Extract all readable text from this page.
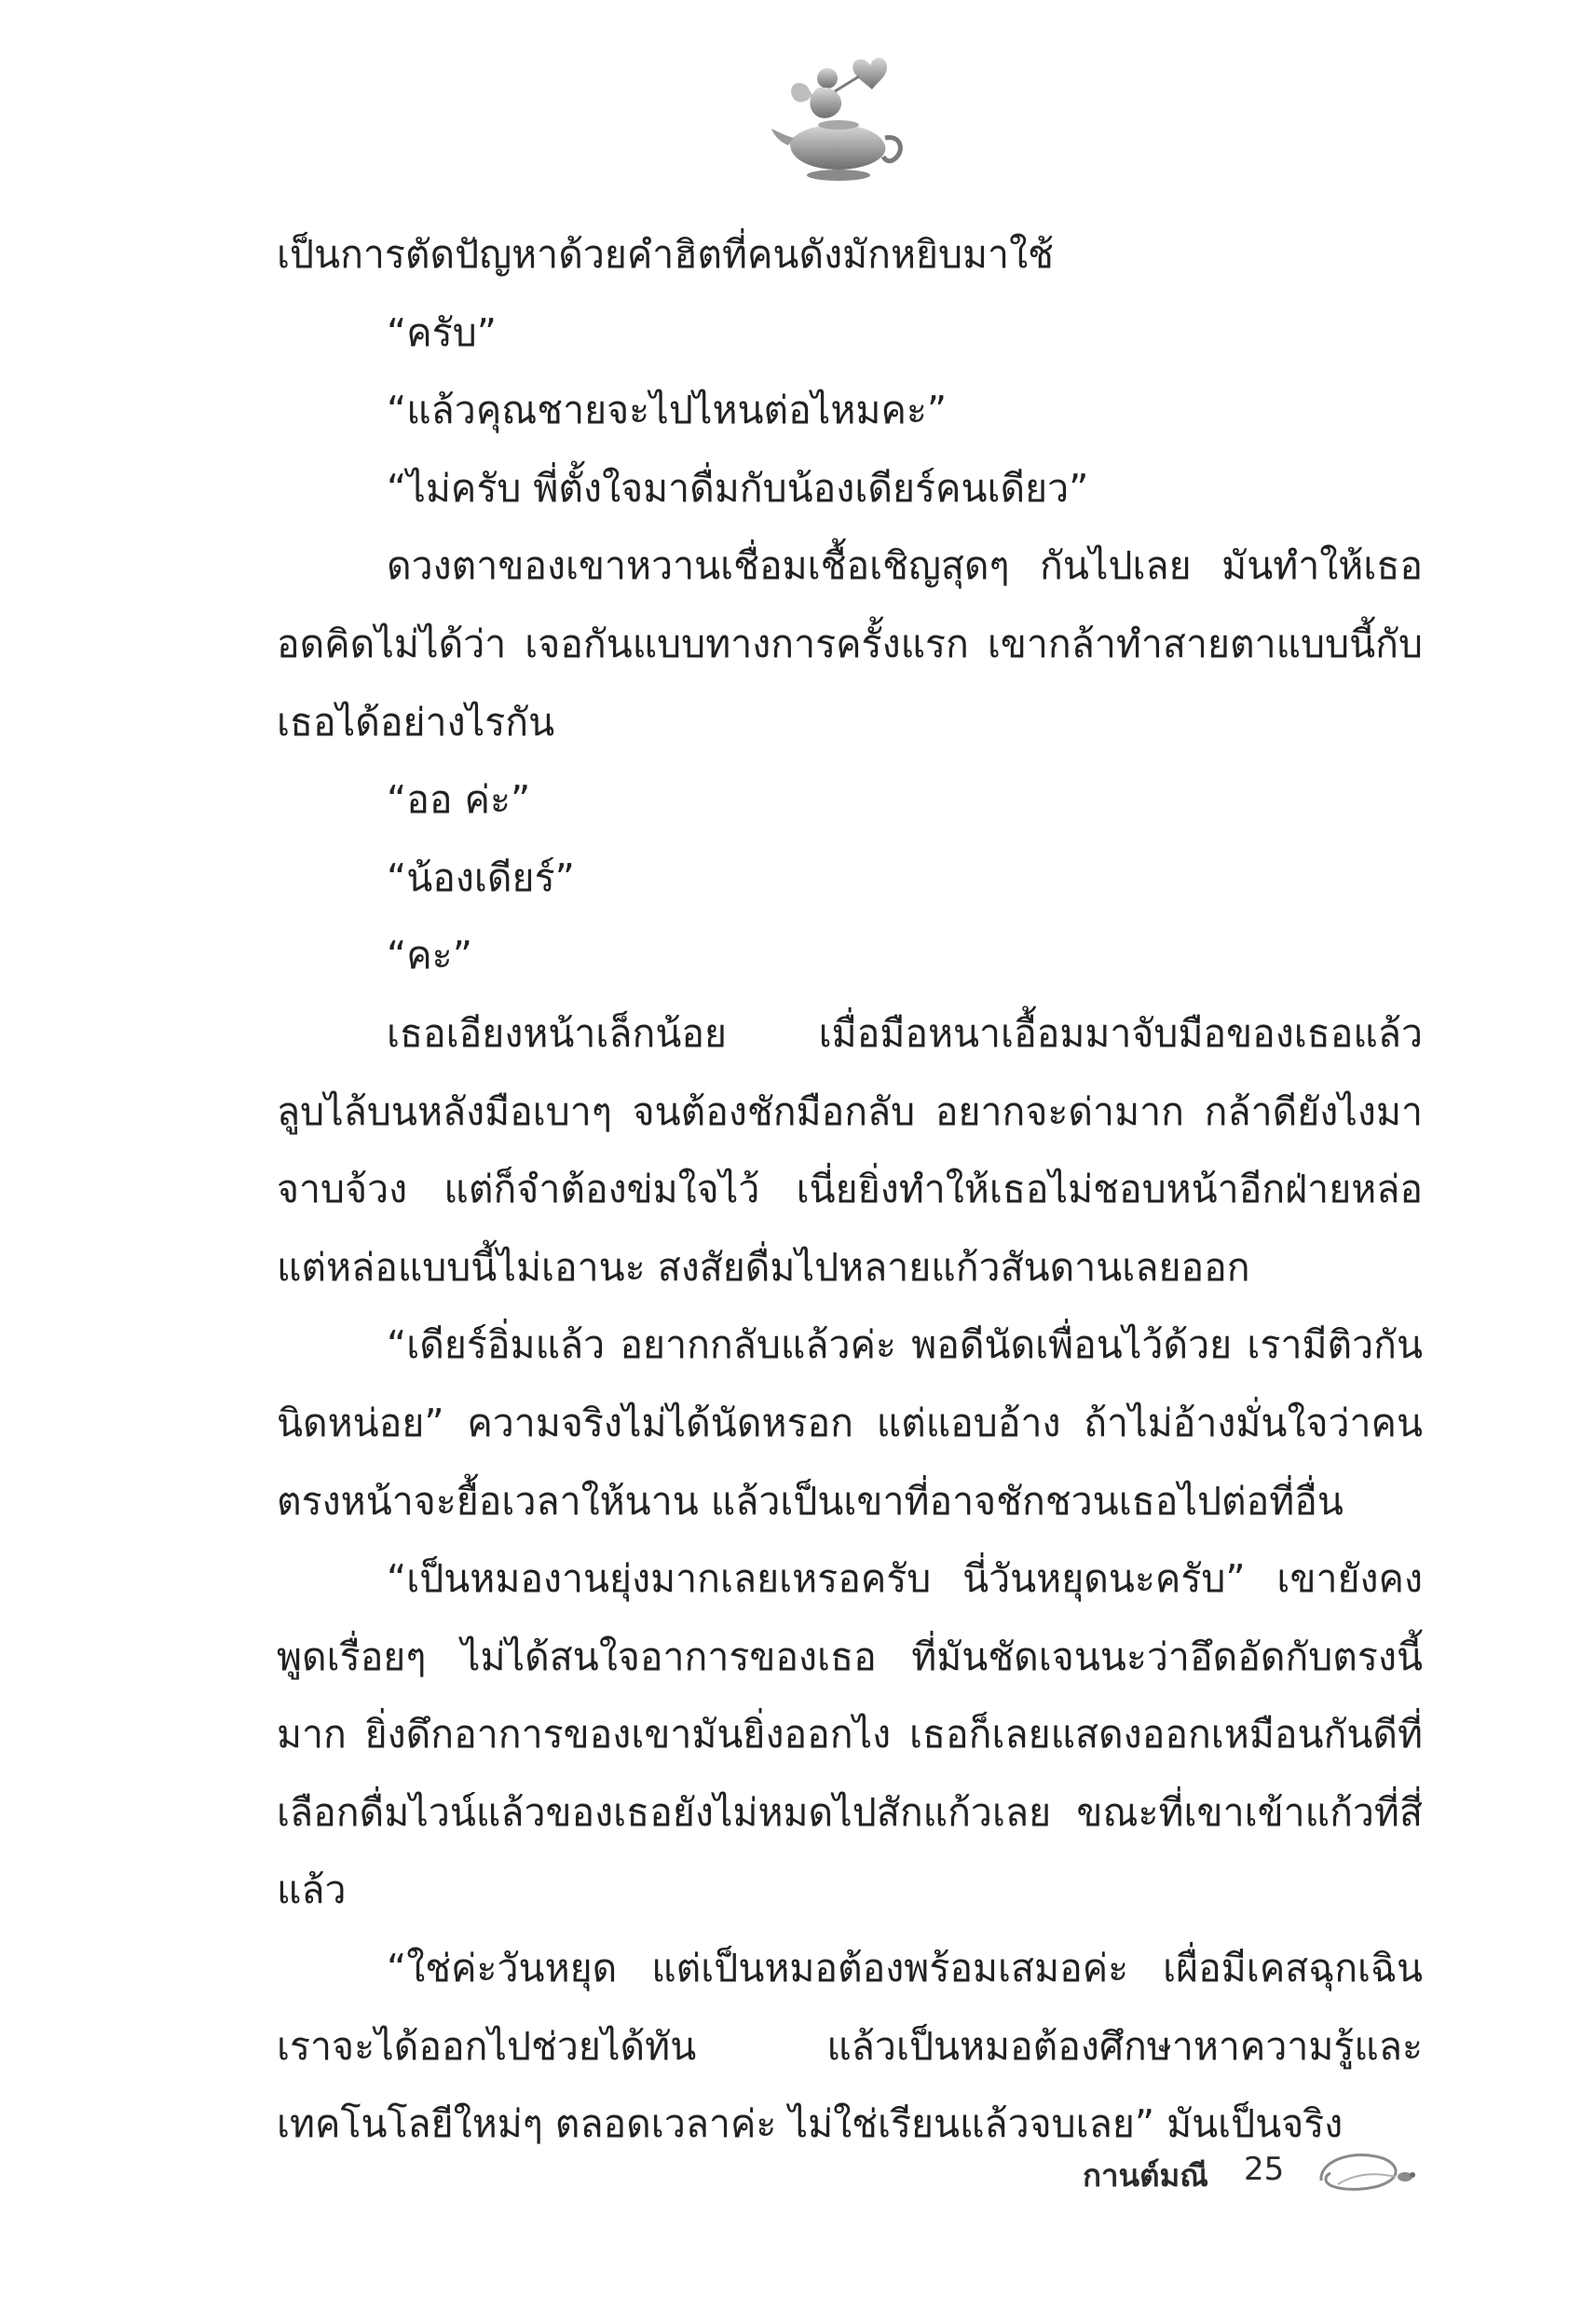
เป็นการตัดปัญหาด้วยคำฮิตที่คนดังมักหยิบมาใช้

“ครับ”

“แล้วคุณชายจะไปไหนต่อไหมคะ”

“ไม่ครับ พี่ตั้งใจมาดื่มกับน้องเดียร์คนเดียว”

ดวงตาของเขาหวานเชื่อมเชื้อเชิญสุดๆ กันไปเลย มันทำให้เธออดคิดไม่ได้ว่า เจอกันแบบทางการครั้งแรก เขากล้าทำสายตาแบบนี้กับเธอได้อย่างไรกัน

“ออ ค่ะ”

“น้องเดียร์”

“คะ”

เธอเอียงหน้าเล็กน้อย เมื่อมือหนาเอื้อมมาจับมือของเธอแล้วลูบไล้บนหลังมือเบาๆ จนต้องชักมือกลับ อยากจะด่ามาก กล้าดียังไงมาจาบจ้วง แต่ก็จำต้องข่มใจไว้ เนี่ยยิ่งทำให้เธอไม่ชอบหน้าอีกฝ่ายหล่อ แต่หล่อแบบนี้ไม่เอานะ สงสัยดื่มไปหลายแก้วสันดานเลยออก

“เดียร์อิ่มแล้ว อยากกลับแล้วค่ะ พอดีนัดเพื่อนไว้ด้วย เรามีติวกันนิดหน่อย” ความจริงไม่ได้นัดหรอก แต่แอบอ้าง ถ้าไม่อ้างมั่นใจว่าคนตรงหน้าจะยื้อเวลาให้นาน แล้วเป็นเขาที่อาจชักชวนเธอไปต่อที่อื่น

“เป็นหมองานยุ่งมากเลยเหรอครับ นี่วันหยุดนะครับ” เขายังคงพูดเรื่อยๆ ไม่ได้สนใจอาการของเธอ ที่มันชัดเจนนะว่าอึดอัดกับตรงนี้มาก ยิ่งดึกอาการของเขามันยิ่งออกไง เธอก็เลยแสดงออกเหมือนกันดีที่เลือกดื่มไวน์แล้วของเธอยังไม่หมดไปสักแก้วเลย ขณะที่เขาเข้าแก้วที่สี่แล้ว

“ใช่ค่ะวันหยุด แต่เป็นหมอต้องพร้อมเสมอค่ะ เผื่อมีเคสฉุกเฉินเราจะได้ออกไปช่วยได้ทัน แล้วเป็นหมอต้องศึกษาหาความรู้และเทคโนโลยีใหม่ๆ ตลอดเวลาค่ะ ไม่ใช่เรียนแล้วจบเลย” มันเป็นจริง

กานต์มณี 25
